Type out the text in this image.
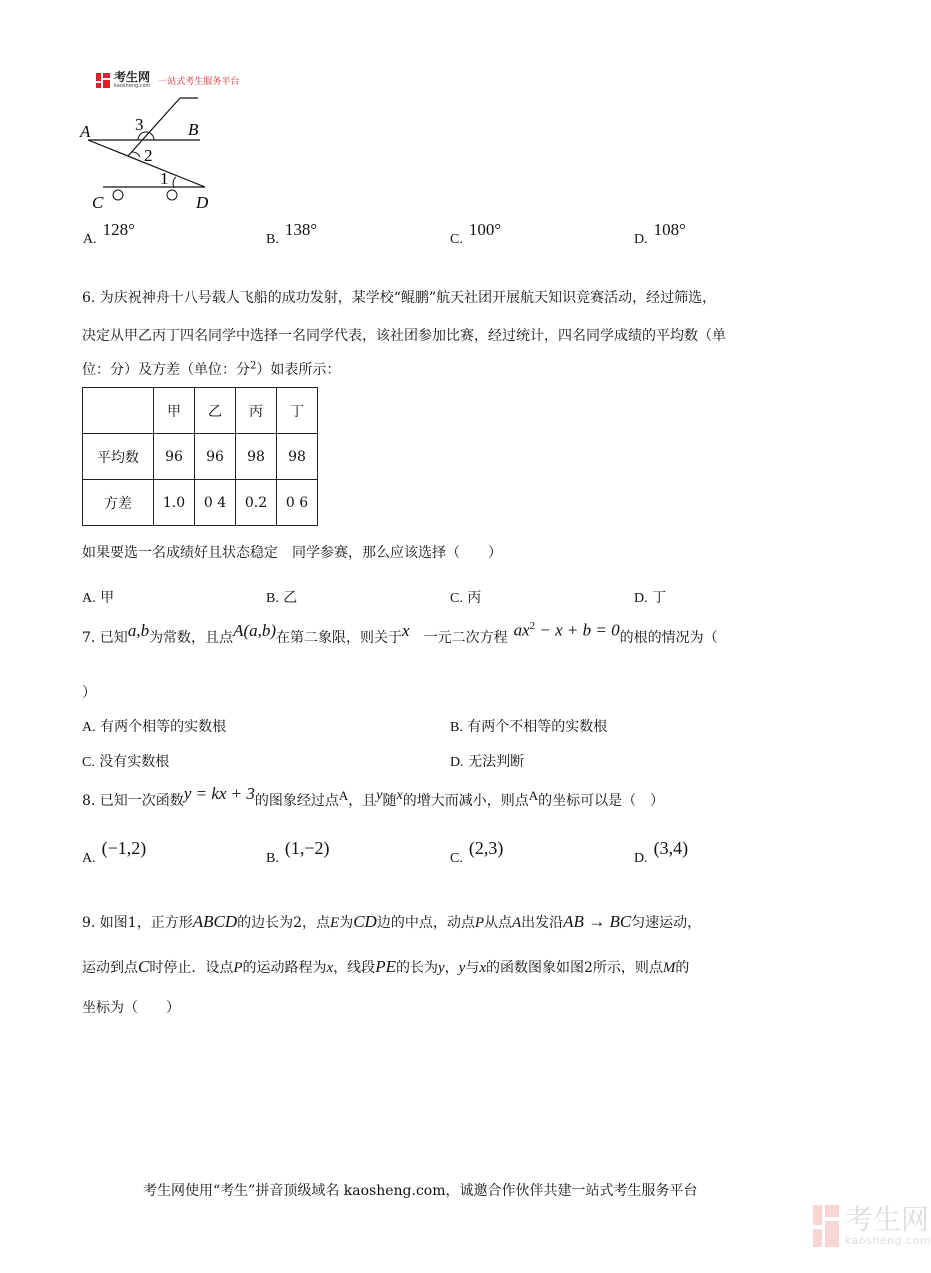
考生网
kaosheng.com 一站式考生服务平台
A	B
C	D
1
2
3
A.
128°
B.
138°
C.
100°
D.
108°
6. 为庆祝神舟十八号载人飞船的成功发射，某学校“鲲鹏”航天社团开展航天知识竞赛活动，经过筛选，
决定从甲乙丙丁四名同学中选择一名同学代表，该社团参加比赛，经过统计，四名同学成绩的平均数（单
位：分）及方差（单位：分$^2$）如表所示：
	甲	乙	丙	丁
平均数	96	96	98	98
方差	1.0	0 4	0.2	0 6
如果要选一名成绩好且状态稳定　同学参赛，那么应该选择（　　）
A. 甲	B. 乙	C. 丙	D. 丁
7. 已知 a,b 为常数，且点 A(a,b) 在第二象限，则关于 x 一元二次方程 $ax^2 - x + b = 0$ 的根的情况为（
）
A. 有两个相等的实数根	B. 有两个不相等的实数根
C. 没有实数根	D. 无法判断
8. 已知一次函数 y = kx + 3 的图象经过点 A ，且 y 随 x 的增大而减小，则点 A 的坐标可以是（　）
A.
(−1,2)
B.
(1,−2)
C.
(2,3)
D.
(3,4)
9. 如图1，正方形ABCD的边长为2，点E为CD边的中点，动点P从点A出发沿AB → BC匀速运动，
运动到点C时停止．设点P的运动路程为x，线段PE的长为y，y与x的函数图象如图2所示，则点M的
坐标为（　　）
考生网使用“考生”拼音顶级域名 kaosheng.com，诚邀合作伙伴共建一站式考生服务平台
考生网
kaosheng.com
